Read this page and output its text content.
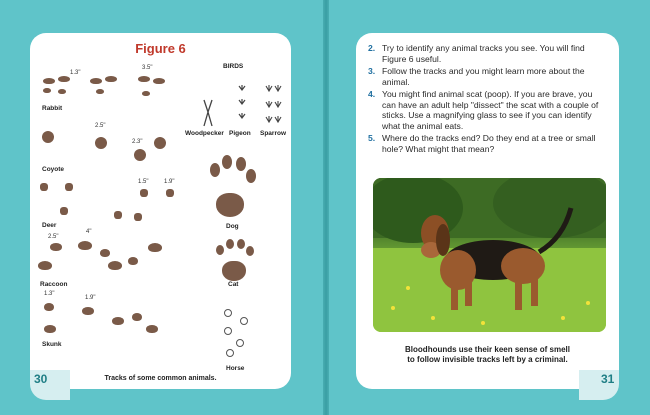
Figure 6
BIRDS
1.3"
3.5"
Rabbit
Woodpecker Pigeon Sparrow
2.5"
2.3"
Coyote
1.5"	1.9"
Deer	Dog
2.5"
4"
Raccoon	Cat
1.3"
1.9"
Skunk
Horse
Tracks of some common animals.
30
2. Try to identify any animal tracks you see. You will find Figure 6 useful.
3. Follow the tracks and you might learn more about the animal.
4. You might find animal scat (poop). If you are brave, you can have an adult help "dissect" the scat with a couple of sticks. Use a magnifying glass to see if you can identify what the animal eats.
5. Where do the tracks end? Do they end at a tree or small hole? What might that mean?
Bloodhounds use their keen sense of smell
to follow invisible tracks left by a criminal.
31
